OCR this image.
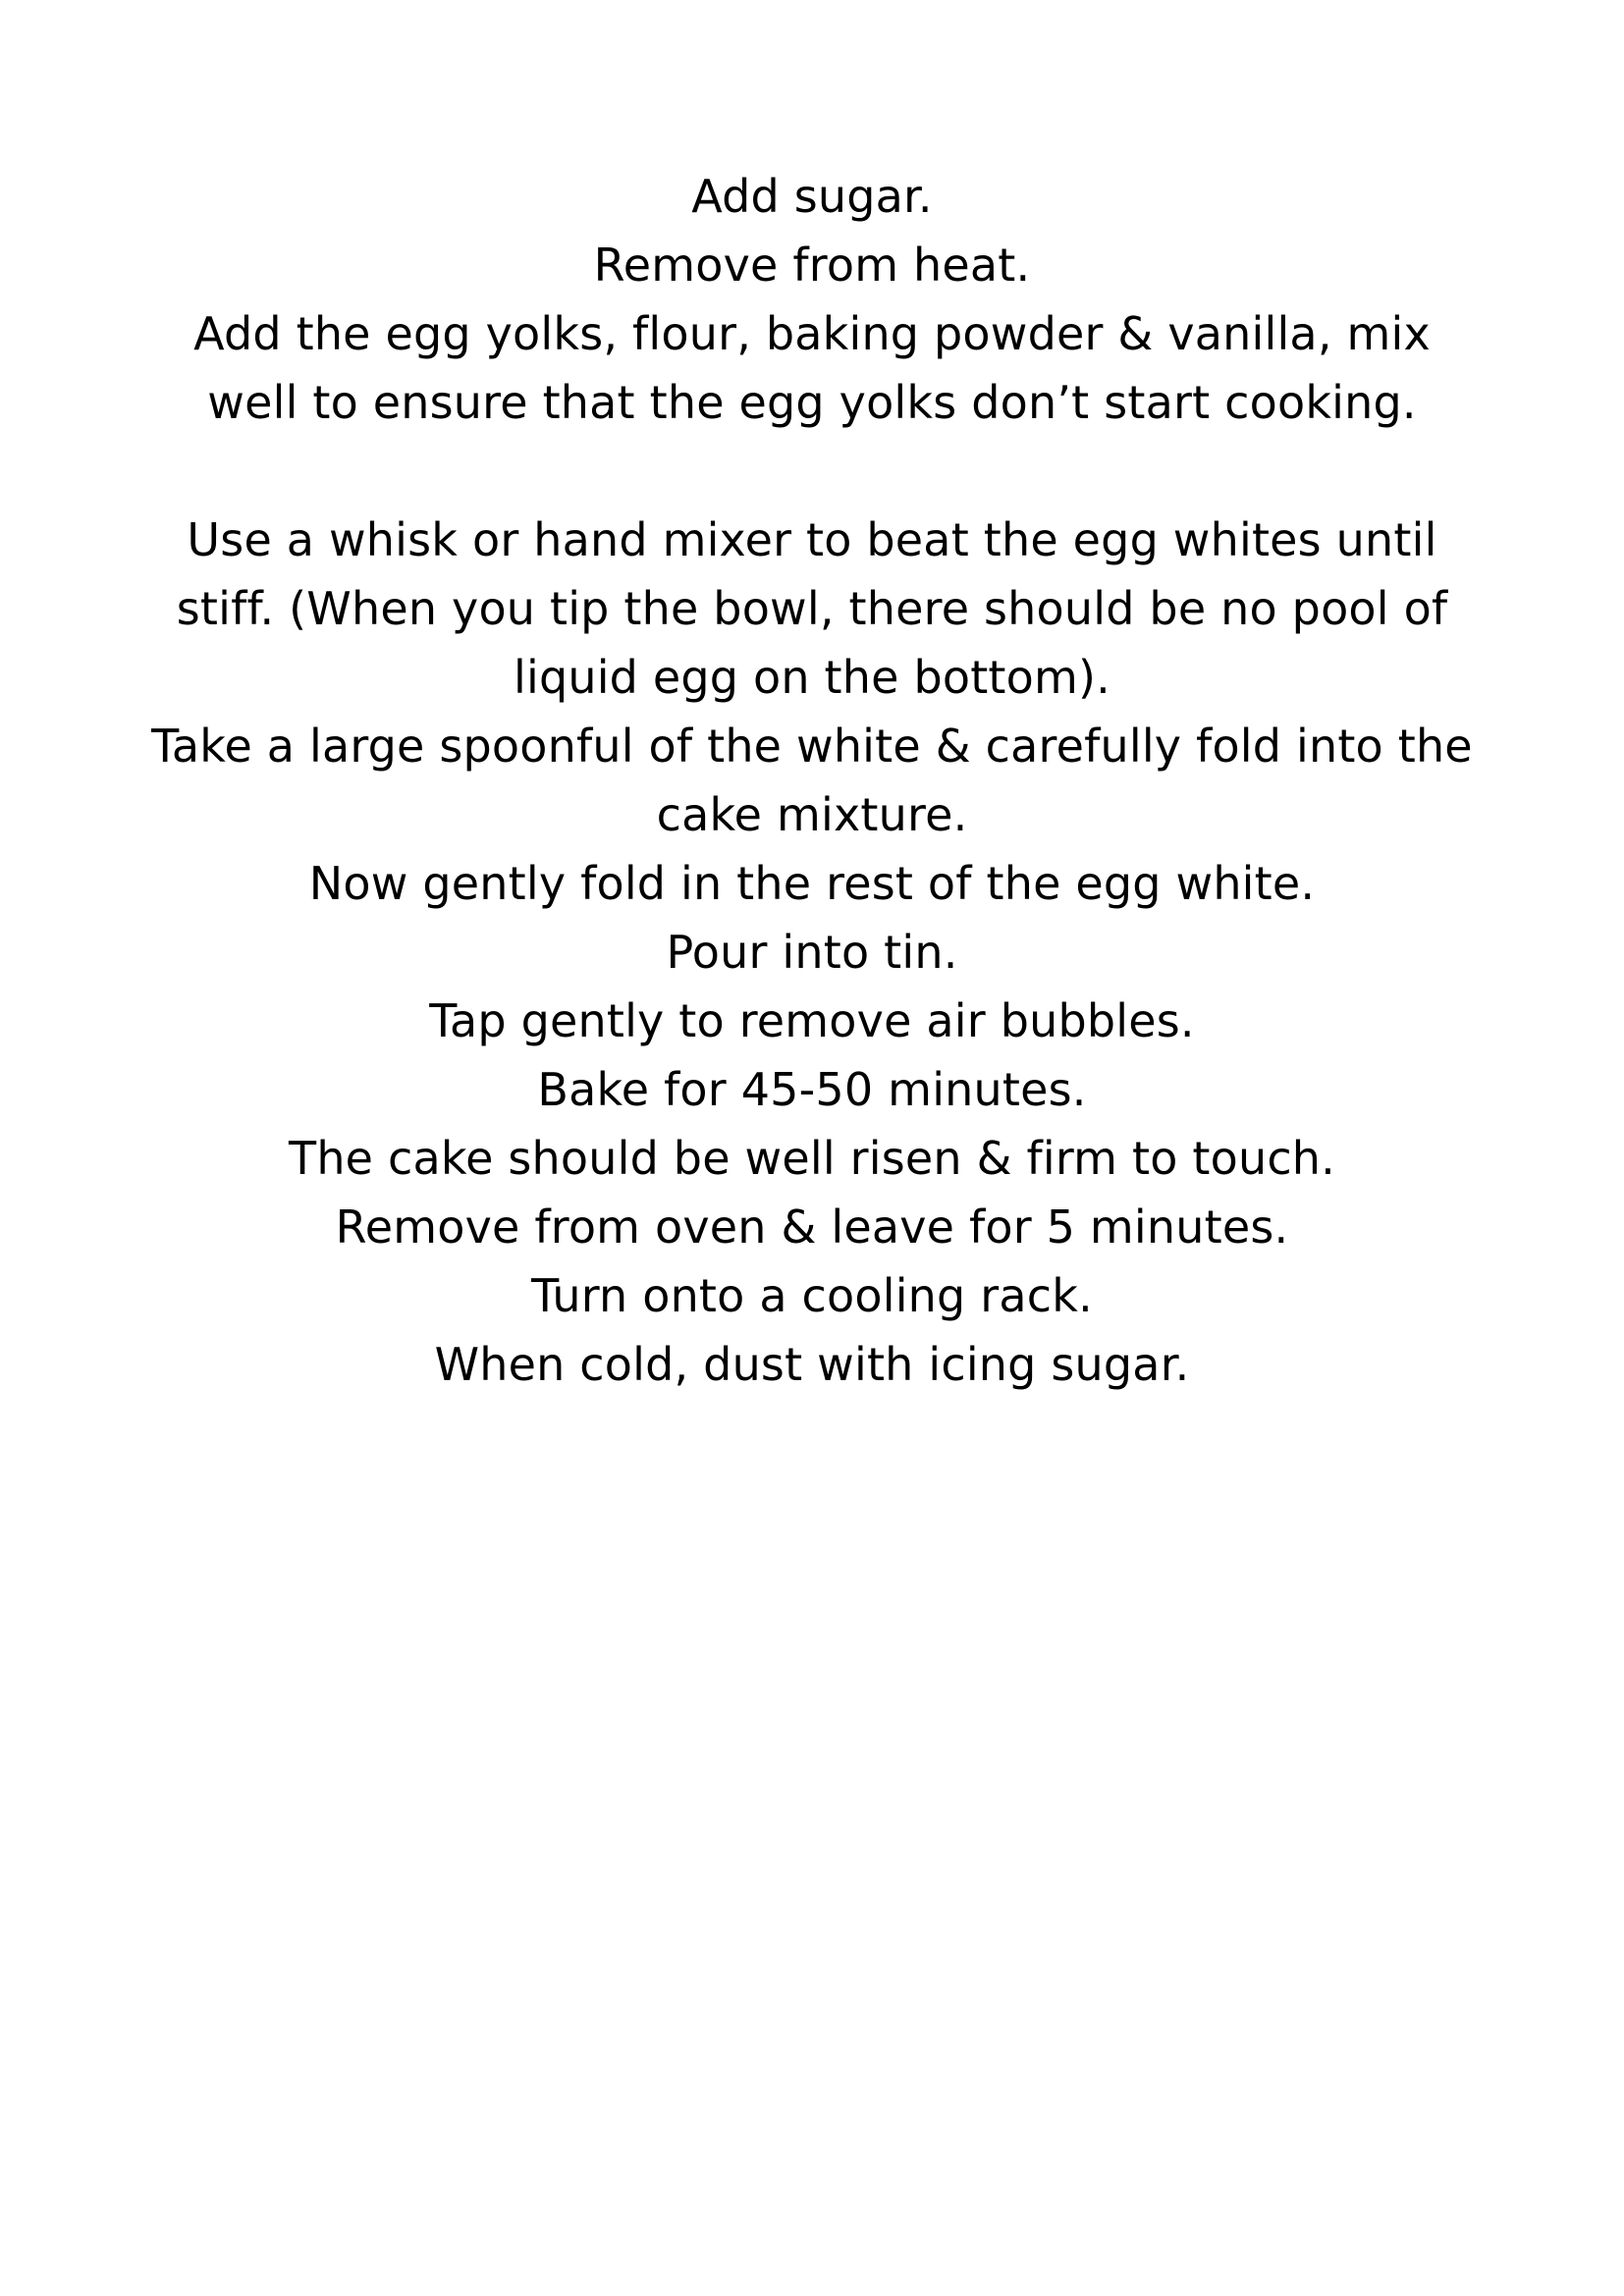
Add sugar.
Remove from heat.
Add the egg yolks, flour, baking powder & vanilla, mix
well to ensure that the egg yolks don’t start cooking.
Use a whisk or hand mixer to beat the egg whites until
stiff. (When you tip the bowl, there should be no pool of
liquid egg on the bottom).
Take a large spoonful of the white & carefully fold into the
cake mixture.
Now gently fold in the rest of the egg white.
Pour into tin.
Tap gently to remove air bubbles.
Bake for 45-50 minutes.
The cake should be well risen & firm to touch.
Remove from oven & leave for 5 minutes.
Turn onto a cooling rack.
When cold, dust with icing sugar.
